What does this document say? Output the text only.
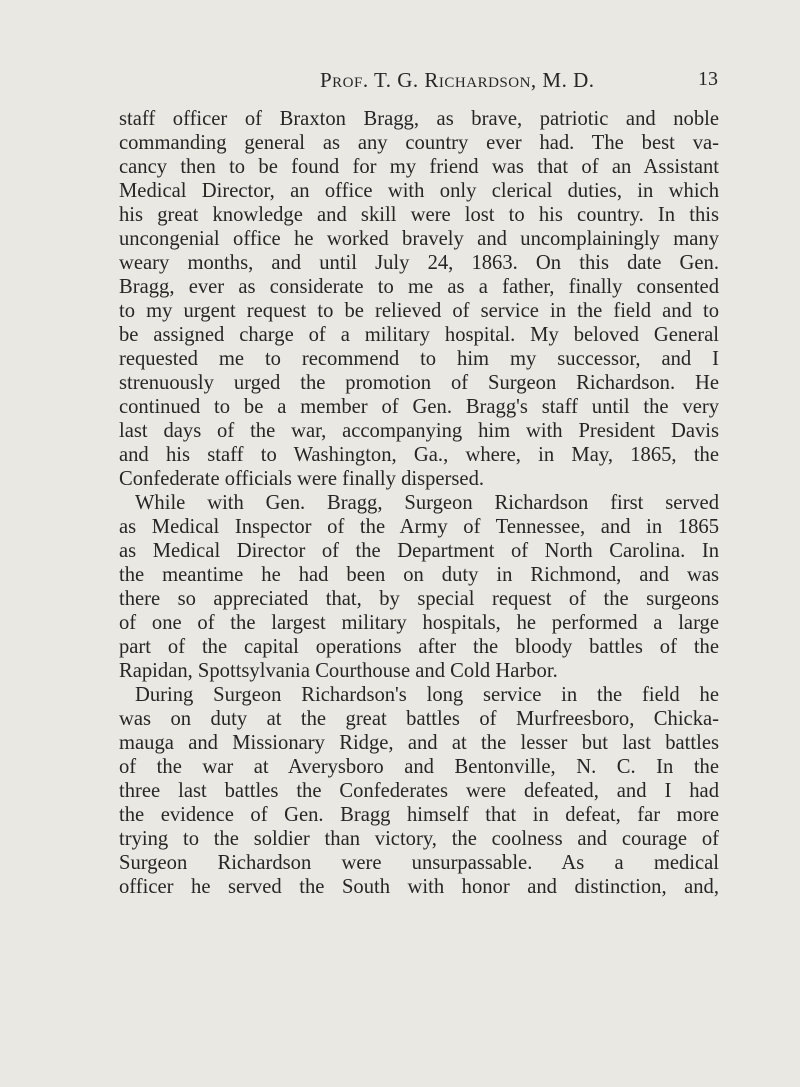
Prof. T. G. Richardson, M. D.	13
staff officer of Braxton Bragg, as brave, patriotic and noble
commanding general as any country ever had. The best va-
cancy then to be found for my friend was that of an Assistant
Medical Director, an office with only clerical duties, in which
his great knowledge and skill were lost to his country. In this
uncongenial office he worked bravely and uncomplainingly many
weary months, and until July 24, 1863. On this date Gen.
Bragg, ever as considerate to me as a father, finally consented
to my urgent request to be relieved of service in the field and to
be assigned charge of a military hospital. My beloved General
requested me to recommend to him my successor, and I
strenuously urged the promotion of Surgeon Richardson. He
continued to be a member of Gen. Bragg's staff until the very
last days of the war, accompanying him with President Davis
and his staff to Washington, Ga., where, in May, 1865, the
Confederate officials were finally dispersed.
While with Gen. Bragg, Surgeon Richardson first served
as Medical Inspector of the Army of Tennessee, and in 1865
as Medical Director of the Department of North Carolina. In
the meantime he had been on duty in Richmond, and was
there so appreciated that, by special request of the surgeons
of one of the largest military hospitals, he performed a large
part of the capital operations after the bloody battles of the
Rapidan, Spottsylvania Courthouse and Cold Harbor.
During Surgeon Richardson's long service in the field he
was on duty at the great battles of Murfreesboro, Chicka-
mauga and Missionary Ridge, and at the lesser but last battles
of the war at Averysboro and Bentonville, N. C. In the
three last battles the Confederates were defeated, and I had
the evidence of Gen. Bragg himself that in defeat, far more
trying to the soldier than victory, the coolness and courage of
Surgeon Richardson were unsurpassable. As a medical
officer he served the South with honor and distinction, and,
